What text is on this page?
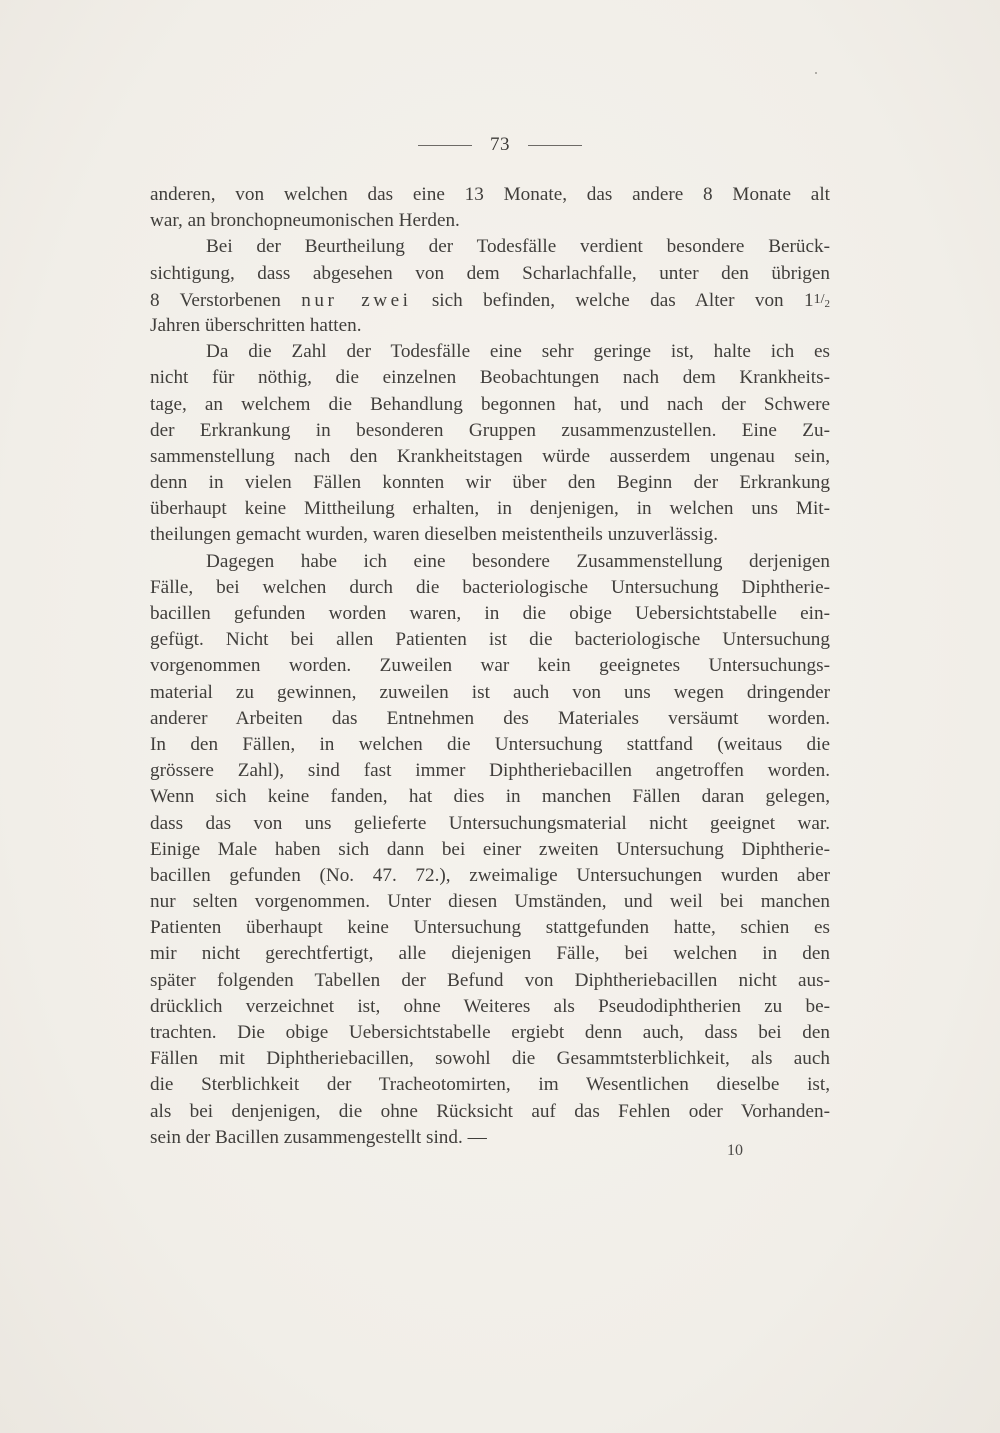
73
anderen, von welchen das eine 13 Monate, das andere 8 Monate alt
war, an bronchopneumonischen Herden.
Bei der Beurtheilung der Todesfälle verdient besondere Berück-
sichtigung, dass abgesehen von dem Scharlachfalle, unter den übrigen
8 Verstorbenen nur zwei sich befinden, welche das Alter von $11/_2$
Jahren überschritten hatten.
Da die Zahl der Todesfälle eine sehr geringe ist, halte ich es
nicht für nöthig, die einzelnen Beobachtungen nach dem Krankheits-
tage, an welchem die Behandlung begonnen hat, und nach der Schwere
der Erkrankung in besonderen Gruppen zusammenzustellen. Eine Zu-
sammenstellung nach den Krankheitstagen würde ausserdem ungenau sein,
denn in vielen Fällen konnten wir über den Beginn der Erkrankung
überhaupt keine Mittheilung erhalten, in denjenigen, in welchen uns Mit-
theilungen gemacht wurden, waren dieselben meistentheils unzuverlässig.
Dagegen habe ich eine besondere Zusammenstellung derjenigen
Fälle, bei welchen durch die bacteriologische Untersuchung Diphtherie-
bacillen gefunden worden waren, in die obige Uebersichtstabelle ein-
gefügt. Nicht bei allen Patienten ist die bacteriologische Untersuchung
vorgenommen worden. Zuweilen war kein geeignetes Untersuchungs-
material zu gewinnen, zuweilen ist auch von uns wegen dringender
anderer Arbeiten das Entnehmen des Materiales versäumt worden.
In den Fällen, in welchen die Untersuchung stattfand (weitaus die
grössere Zahl), sind fast immer Diphtheriebacillen angetroffen worden.
Wenn sich keine fanden, hat dies in manchen Fällen daran gelegen,
dass das von uns gelieferte Untersuchungsmaterial nicht geeignet war.
Einige Male haben sich dann bei einer zweiten Untersuchung Diphtherie-
bacillen gefunden (No. 47. 72.), zweimalige Untersuchungen wurden aber
nur selten vorgenommen. Unter diesen Umständen, und weil bei manchen
Patienten überhaupt keine Untersuchung stattgefunden hatte, schien es
mir nicht gerechtfertigt, alle diejenigen Fälle, bei welchen in den
später folgenden Tabellen der Befund von Diphtheriebacillen nicht aus-
drücklich verzeichnet ist, ohne Weiteres als Pseudodiphtherien zu be-
trachten. Die obige Uebersichtstabelle ergiebt denn auch, dass bei den
Fällen mit Diphtheriebacillen, sowohl die Gesammtsterblichkeit, als auch
die Sterblichkeit der Tracheotomirten, im Wesentlichen dieselbe ist,
als bei denjenigen, die ohne Rücksicht auf das Fehlen oder Vorhanden-
sein der Bacillen zusammengestellt sind. —
10
